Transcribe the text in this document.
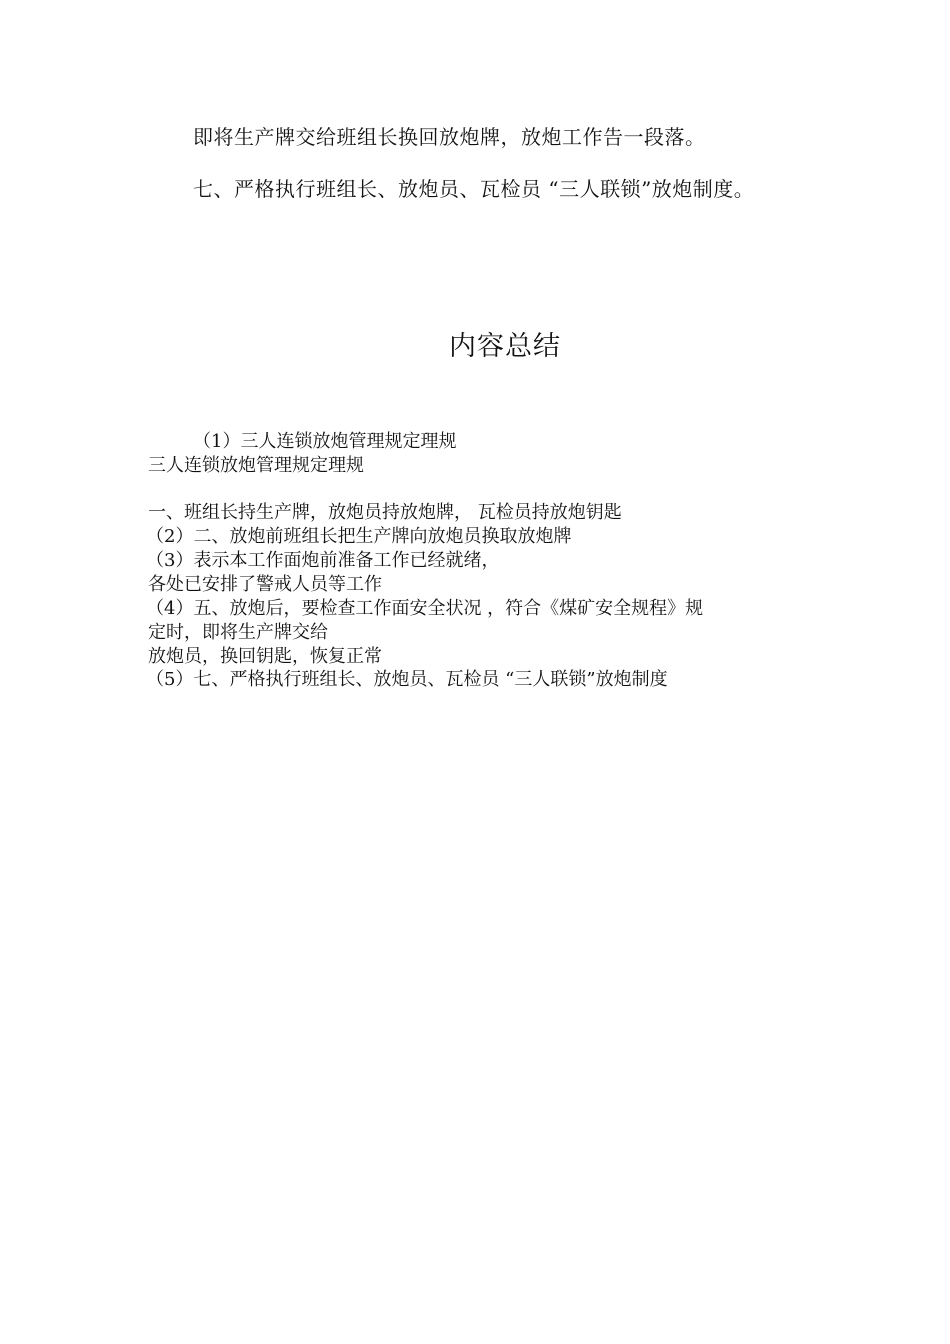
即将生产牌交给班组长换回放炮牌，放炮工作告一段落。
七、严格执行班组长、放炮员、瓦检员 “三人联锁”放炮制度。
内容总结
（1）三人连锁放炮管理规定理规
三人连锁放炮管理规定理规
一、班组长持生产牌，放炮员持放炮牌， 瓦检员持放炮钥匙
（2）二、放炮前班组长把生产牌向放炮员换取放炮牌
（3）表示本工作面炮前准备工作已经就绪，
各处已安排了警戒人员等工作
（4）五、放炮后，要检查工作面安全状况 ，符合《煤矿安全规程》规
定时，即将生产牌交给
放炮员，换回钥匙，恢复正常
（5）七、严格执行班组长、放炮员、瓦检员 “三人联锁”放炮制度
